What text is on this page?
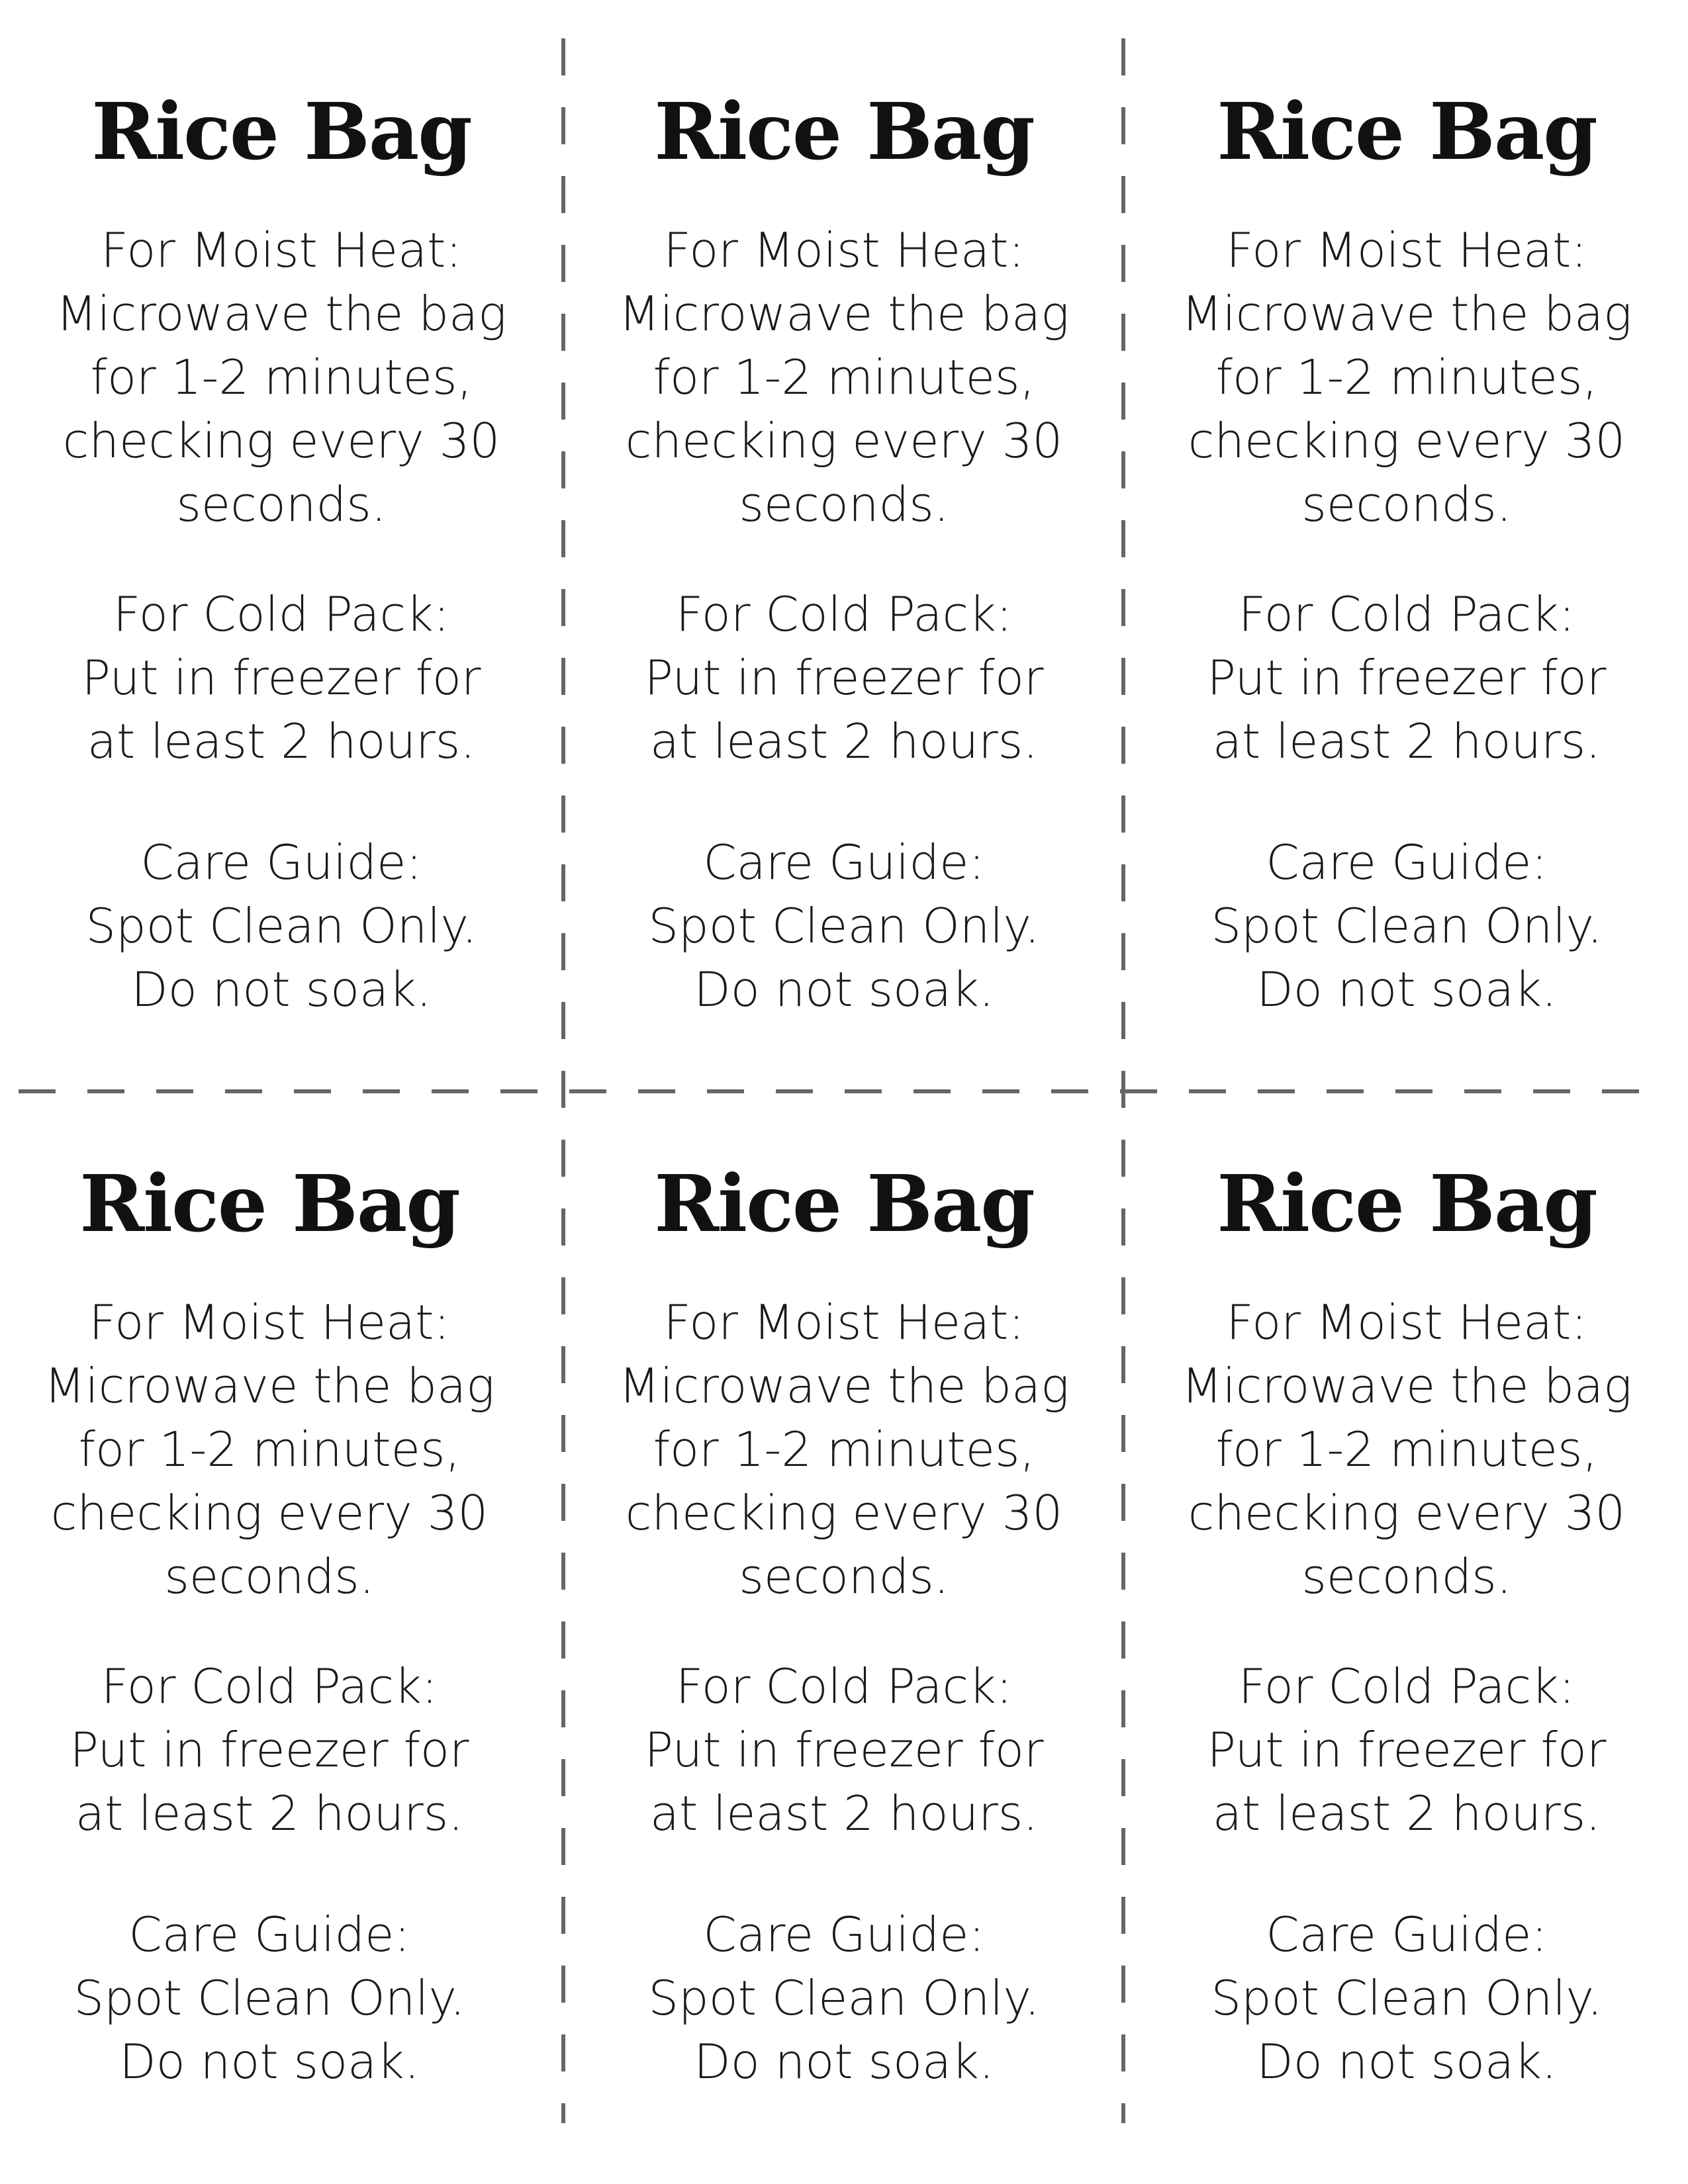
Rice Bag
For Moist Heat:
Microwave the bag
for 1-2 minutes,
checking every 30
seconds.
For Cold Pack:
Put in freezer for
at least 2 hours.
Care Guide:
Spot Clean Only.
Do not soak.
Rice Bag
For Moist Heat:
Microwave the bag
for 1-2 minutes,
checking every 30
seconds.
For Cold Pack:
Put in freezer for
at least 2 hours.
Care Guide:
Spot Clean Only.
Do not soak.
Rice Bag
For Moist Heat:
Microwave the bag
for 1-2 minutes,
checking every 30
seconds.
For Cold Pack:
Put in freezer for
at least 2 hours.
Care Guide:
Spot Clean Only.
Do not soak.
Rice Bag
For Moist Heat:
Microwave the bag
for 1-2 minutes,
checking every 30
seconds.
For Cold Pack:
Put in freezer for
at least 2 hours.
Care Guide:
Spot Clean Only.
Do not soak.
Rice Bag
For Moist Heat:
Microwave the bag
for 1-2 minutes,
checking every 30
seconds.
For Cold Pack:
Put in freezer for
at least 2 hours.
Care Guide:
Spot Clean Only.
Do not soak.
Rice Bag
For Moist Heat:
Microwave the bag
for 1-2 minutes,
checking every 30
seconds.
For Cold Pack:
Put in freezer for
at least 2 hours.
Care Guide:
Spot Clean Only.
Do not soak.
